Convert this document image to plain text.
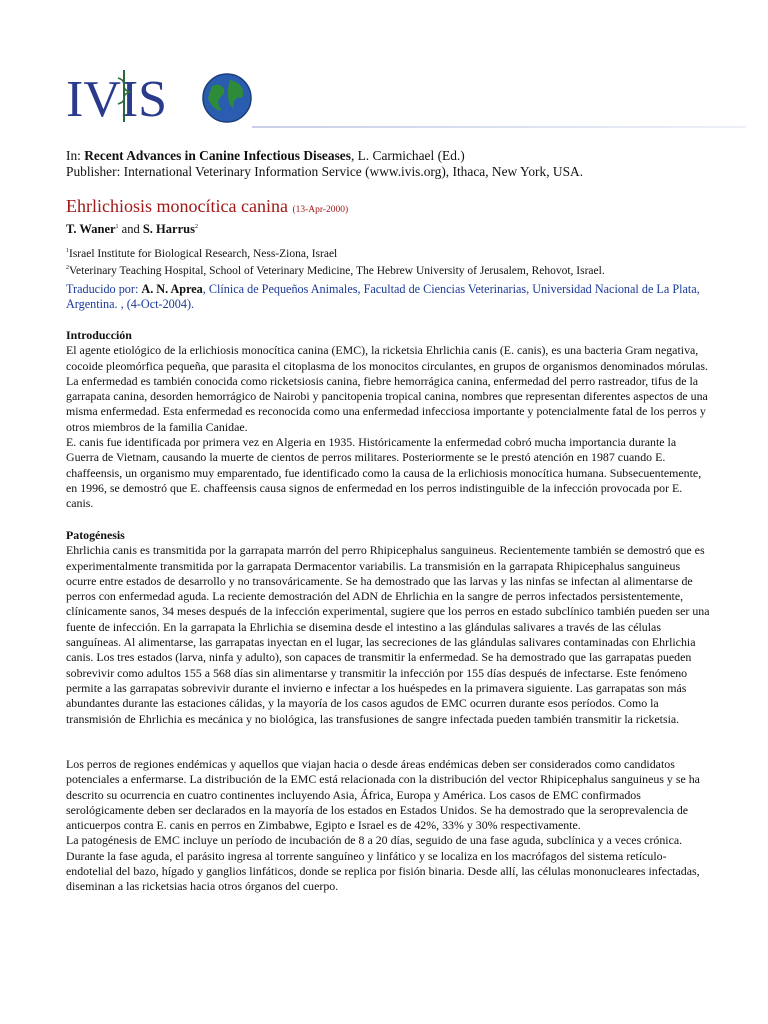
IVIS
In: Recent Advances in Canine Infectious Diseases, L. Carmichael (Ed.)
Publisher: International Veterinary Information Service (www.ivis.org), Ithaca, New York, USA.
Ehrlichiosis monocítica canina (13-Apr-2000)
T. Waner$^1$ and S. Harrus$^2$
$^1$Israel Institute for Biological Research, Ness-Ziona, Israel
$^2$Veterinary Teaching Hospital, School of Veterinary Medicine, The Hebrew University of Jerusalem, Rehovot, Israel.
Traducido por: A. N. Aprea, Clínica de Pequeños Animales, Facultad de Ciencias Veterinarias, Universidad Nacional de La Plata, Argentina. , (4-Oct-2004).

Introducción

El agente etiológico de la erlichiosis monocítica canina (EMC), la ricketsia Ehrlichia canis (E. canis), es una bacteria Gram negativa, cocoide pleomórfica pequeña, que parasita el citoplasma de los monocitos circulantes, en grupos de organismos denominados mórulas. La enfermedad es también conocida como ricketsiosis canina, fiebre hemorrágica canina, enfermedad del perro rastreador, tifus de la garrapata canina, desorden hemorrágico de Nairobi y pancitopenia tropical canina, nombres que representan diferentes aspectos de una misma enfermedad. Esta enfermedad es reconocida como una enfermedad infecciosa importante y potencialmente fatal de los perros y otros miembros de la familia Canidae.

E. canis fue identificada por primera vez en Algeria en 1935. Históricamente la enfermedad cobró mucha importancia durante la Guerra de Vietnam, causando la muerte de cientos de perros militares. Posteriormente se le prestó atención en 1987 cuando E. chaffeensis, un organismo muy emparentado, fue identificado como la causa de la erlichiosis monocítica humana. Subsecuentemente, en 1996, se demostró que E. chaffeensis causa signos de enfermedad en los perros indistinguible de la infección provocada por E. canis.

Patogénesis

Ehrlichia canis es transmitida por la garrapata marrón del perro Rhipicephalus sanguineus. Recientemente también se demostró que es experimentalmente transmitida por la garrapata Dermacentor variabilis. La transmisión en la garrapata Rhipicephalus sanguineus ocurre entre estados de desarrollo y no transováricamente. Se ha demostrado que las larvas y las ninfas se infectan al alimentarse de perros con enfermedad aguda. La reciente demostración del ADN de Ehrlichia en la sangre de perros infectados persistentemente, clínicamente sanos, 34 meses después de la infección experimental, sugiere que los perros en estado subclínico también pueden ser una fuente de infección. En la garrapata la Ehrlichia se disemina desde el intestino a las glándulas salivares a través de las células sanguíneas. Al alimentarse, las garrapatas inyectan en el lugar, las secreciones de las glándulas salivares contaminadas con Ehrlichia canis. Los tres estados (larva, ninfa y adulto), son capaces de transmitir la enfermedad. Se ha demostrado que las garrapatas pueden sobrevivir como adultos 155 a 568 días sin alimentarse y transmitir la infección por 155 días después de infectarse. Este fenómeno permite a las garrapatas sobrevivir durante el invierno e infectar a los huéspedes en la primavera siguiente. Las garrapatas son más abundantes durante las estaciones cálidas, y la mayoría de los casos agudos de EMC ocurren durante esos períodos. Como la transmisión de Ehrlichia es mecánica y no biológica, las transfusiones de sangre infectada pueden también transmitir la ricketsia.

Los perros de regiones endémicas y aquellos que viajan hacia o desde áreas endémicas deben ser considerados como candidatos potenciales a enfermarse. La distribución de la EMC está relacionada con la distribución del vector Rhipicephalus sanguineus y se ha descrito su ocurrencia en cuatro continentes incluyendo Asia, África, Europa y América. Los casos de EMC confirmados serológicamente deben ser declarados en la mayoría de los estados en Estados Unidos. Se ha demostrado que la seroprevalencia de anticuerpos contra E. canis en perros en Zimbabwe, Egipto e Israel es de 42%, 33% y 30% respectivamente.

La patogénesis de EMC incluye un período de incubación de 8 a 20 días, seguido de una fase aguda, subclínica y a veces crónica. Durante la fase aguda, el parásito ingresa al torrente sanguíneo y linfático y se localiza en los macrófagos del sistema retículo-endotelial del bazo, hígado y ganglios linfáticos, donde se replica por fisión binaria. Desde allí, las células mononucleares infectadas, diseminan a las ricketsias hacia otros órganos del cuerpo.
